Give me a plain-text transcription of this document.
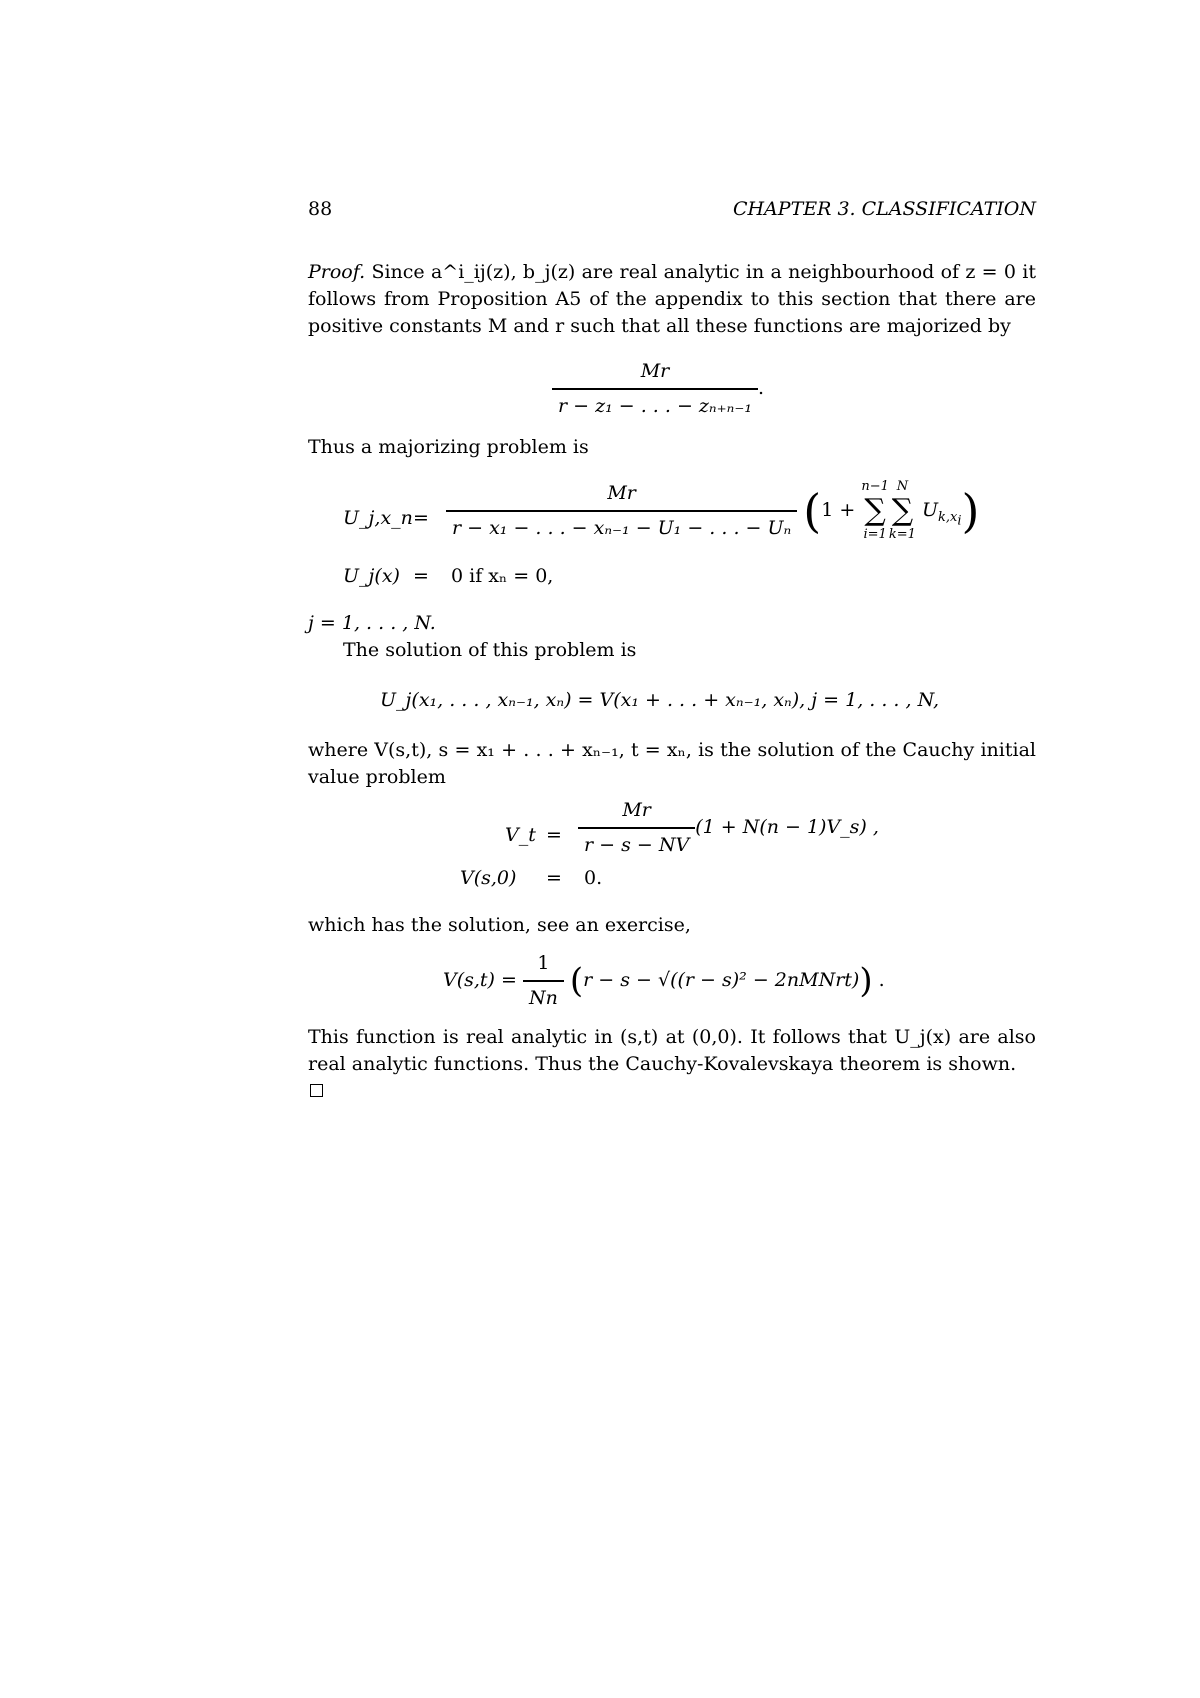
88	CHAPTER 3. CLASSIFICATION
Proof. Since a^i_ij(z), b_j(z) are real analytic in a neighbourhood of z = 0 it follows from Proposition A5 of the appendix to this section that there are positive constants M and r such that all these functions are majorized by
$\frac{Mr}{\text{r − z₁ − . . . − zₙ₊ₙ₋₁}}$ .
Thus a majorizing problem is
U_j,x_n = $\frac{Mr}{\text{r − x₁ − . . . − xₙ₋₁ − U₁ − . . . − Uₙ}} (1$ +
n−1
∑
i=1
N
∑
k=1
$U_{k,x_i}$)
U_j(x) = 0 if xₙ = 0,
j = 1, . . . , N.
The solution of this problem is
U_j(x₁, . . . , xₙ₋₁, xₙ) = V(x₁ + . . . + xₙ₋₁, xₙ), j = 1, . . . , N,
where V(s,t), s = x₁ + . . . + xₙ₋₁, t = xₙ, is the solution of the Cauchy initial value problem
V_t = $\frac{Mr}{r - s - NV} (1 + N(n$ − 1)V_s) ,
V(s,0) = 0.
which has the solution, see an exercise,
$V(s,t) = \frac{1}{Nn} (r - s - √((r - s)^2$ − 2nMNrt)) .
This function is real analytic in (s,t) at (0,0). It follows that U_j(x) are also real analytic functions. Thus the Cauchy-Kovalevskaya theorem is shown.
